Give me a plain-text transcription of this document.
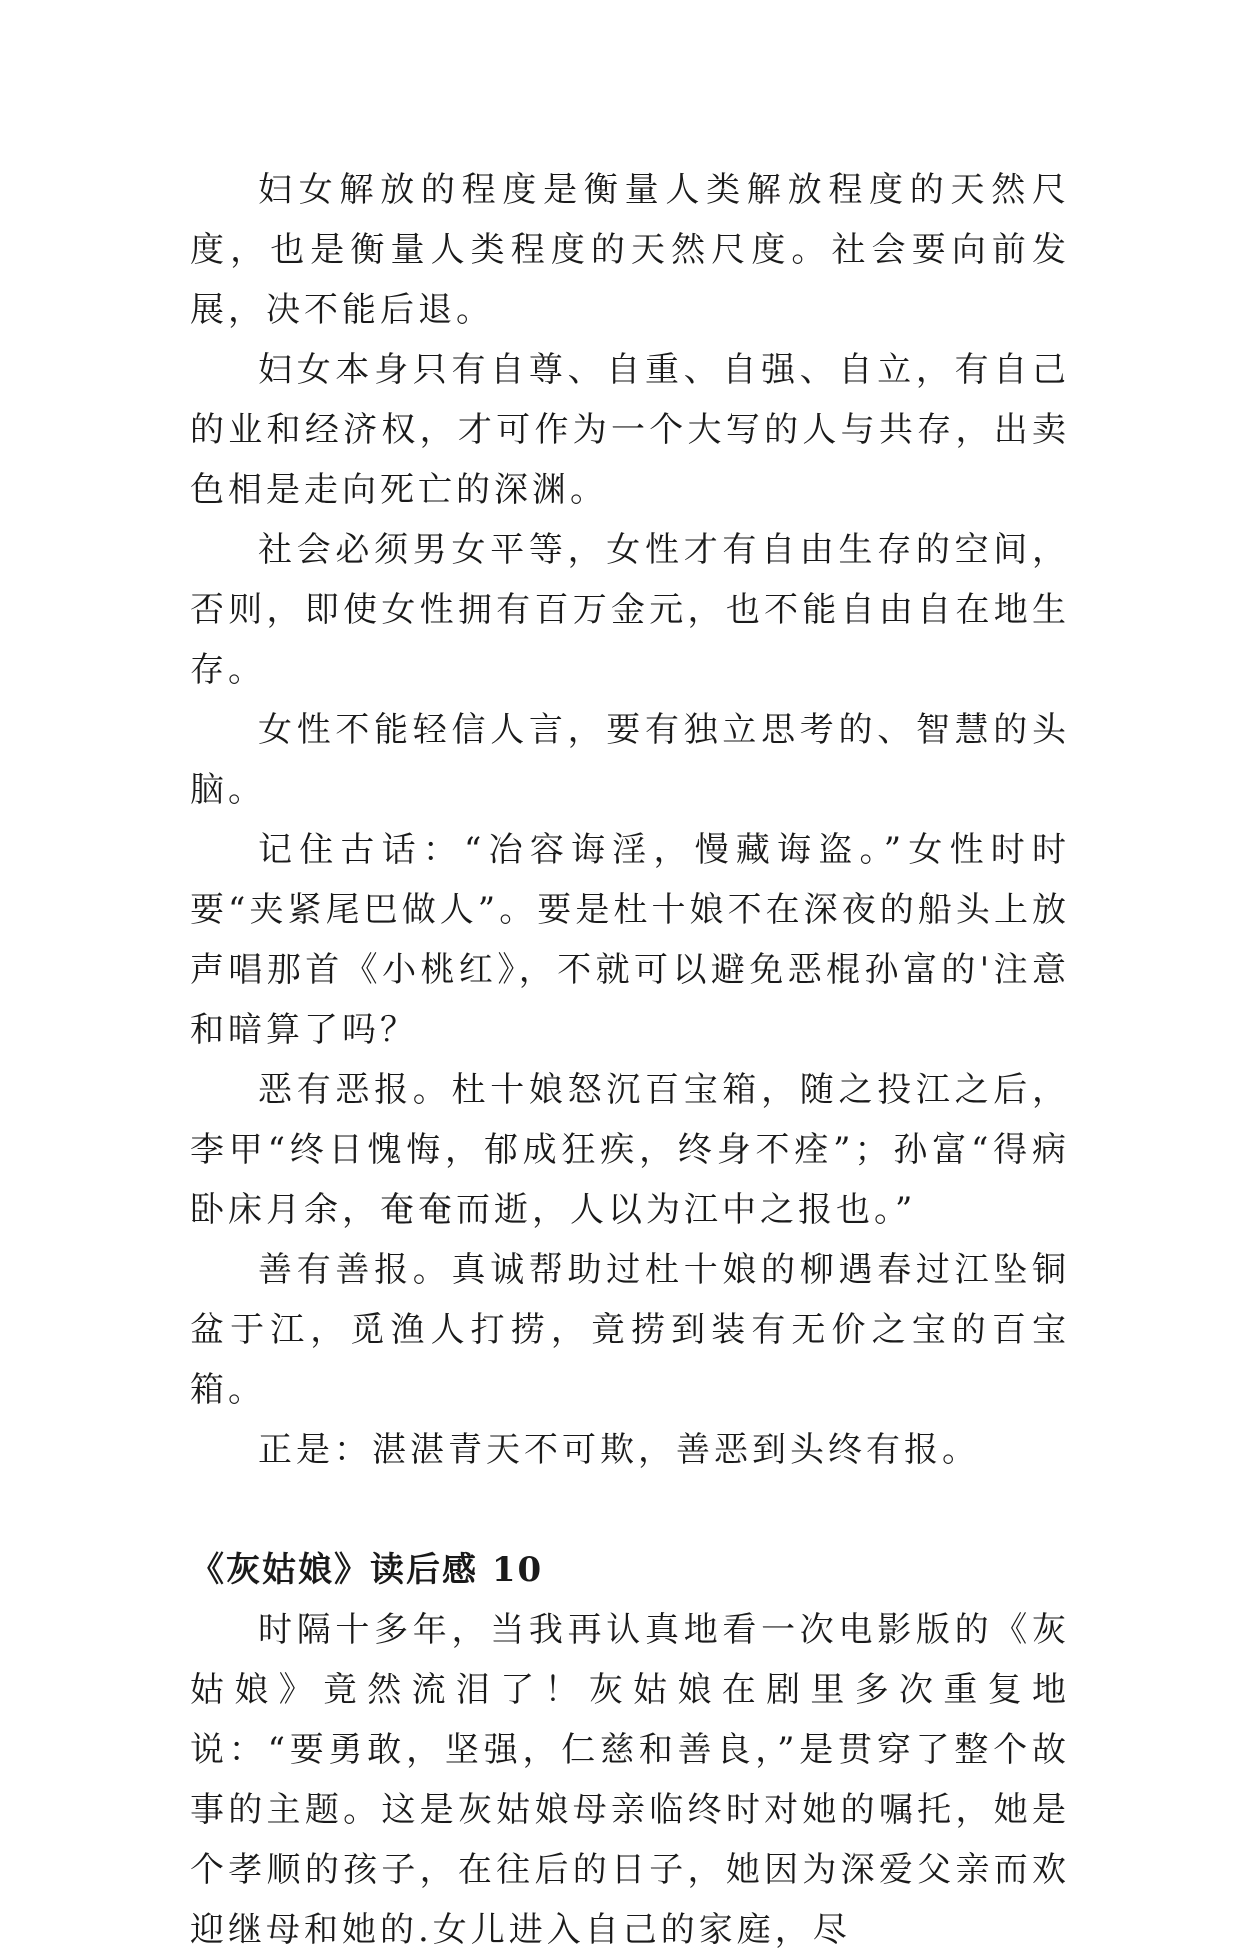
妇女解放的程度是衡量人类解放程度的天然尺度，也是衡量人类程度的天然尺度。社会要向前发展，决不能后退。

妇女本身只有自尊、自重、自强、自立，有自己的业和经济权，才可作为一个大写的人与共存，出卖色相是走向死亡的深渊。

社会必须男女平等，女性才有自由生存的空间，否则，即使女性拥有百万金元，也不能自由自在地生存。

女性不能轻信人言，要有独立思考的、智慧的头脑。

记住古话：“冶容诲淫，慢藏诲盗。”女性时时要“夹紧尾巴做人”。要是杜十娘不在深夜的船头上放声唱那首《小桃红》，不就可以避免恶棍孙富的'注意和暗算了吗？

恶有恶报。杜十娘怒沉百宝箱，随之投江之后，李甲“终日愧悔，郁成狂疾，终身不痊”；孙富“得病卧床月余，奄奄而逝，人以为江中之报也。”

善有善报。真诚帮助过杜十娘的柳遇春过江坠铜盆于江，觅渔人打捞，竟捞到装有无价之宝的百宝箱。

正是：湛湛青天不可欺，善恶到头终有报。

《灰姑娘》读后感 10

时隔十多年，当我再认真地看一次电影版的《灰姑娘》竟然流泪了！灰姑娘在剧里多次重复地说：“要勇敢，坚强，仁慈和善良，”是贯穿了整个故事的主题。这是灰姑娘母亲临终时对她的嘱托，她是个孝顺的孩子，在往后的日子，她因为深爱父亲而欢迎继母和她的.女儿进入自己的家庭，尽
